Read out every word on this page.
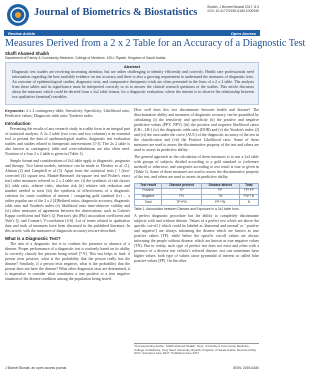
Journal of Biometrics & Biostatistics	Shaikh, J Biomet Biostat 2017, 8:3
DOI: 10.4172/2155-6180.1000349
Review Article	Open Access
Measures Derived from a 2 x 2 Table for an Accuracy of a Diagnostic Test
Shaffi Ahamed Shaikh
Department of Family & Community Medicine, College of Medicine, KSU, Riyadh, Kingdom of Saudi Arabia
Abstract
Diagnostic test studies are receiving increasing attention, but are rather challenging to identify efficiently and correctly. Health care professionals need information regarding the best available evidence on test accuracy and there is also a growing requirement to understand the measures of diagnostic tests. An outcome of epidemiological studies, diagnostic tests, and comparative therapeutic trials are often presented in the form of a 2 x 2 table. The analysis from these tables and its significance must be interpreted correctly so as to answer the clinical research questions of the studies. This article discusses about the measures which could be derived from a 2x2 table format, for a diagnostic evaluation, where the interest is to observe the relationship between two qualitative (nominal) variables.
Keywords: 2 x 2 contingency table; Sensitivity; Specificity; Likelihood ratio; Predictive values; Diagnostic odds ratio; Youden's index
Introduction

Presenting the results of any research study in a table form is an integral part of statistical analysis. A 2x 2 table (two rows and two columns) is an essential tool to present the data of epidemiological studies, diagnostic test evaluation studies and studies related to therapeutic interventions [1-3]. The 2x 2 table is also known as contingency table and cross-tabulations are also often used. Notation of a four 2 x 2 table is given in (Table 1).

Simple format and considerations of 2x2 table apply to diagnostic, prognosis and therapy. Two latent models, inference can be made to Fletcher et al. (1), Altman (2) and Campbell et al (3). Apart from the statistical tests ( ? (two-corrected (4) square test, Mantel-Haenszel chi-square test and Fisher's exact test) other measures referred to 2 x 2 table are: (i) the synthesis of risk factors (ii) odds ratio, relative risks, absolute risk (ii) relative risk reduction and number needed to treat (iii) the synthesis of effectiveness of a diagnostic criterion for some condition of interest / comparing gold standard (iv) ... a rather popular use of the 2 x 2 [4]Refined ratios, diagnostic accuracy, diagnostic odds ratio and Youden's index (v) likelihood ratio inter-observer validity and (vi) other measures of agreement between the observations, such as Cohen's Kappa coefficient and Yule's Q, Pearson's phi (Phi) association coefficient and Yule's Q, and Cramer's V-correlation [4-6]. Lot of terms related to qualitative data and truth of measures have been discussed in the published literature. In this article, with the measures of diagnostic accuracy test are described.

What is a Diagnostic Test?

The aim of a diagnostic test is to confirm the presence or absence of a disease. Proper performance of a diagnostic test is routinely based on its ability to correctly classify the persons being tested [7-9]. This test helps to find: if person tests positive, what is the probability that the person really has the disease? Similarly, if a person tests negative, what is the probability that the person does not have the disease? What other diagnostic tests are determined, it is imperative to consider what constitutes a true positive or a true negative situation of the disease condition among the population being tested.

How well does this test discriminate between health and disease? The discriminative ability and measures of diagnostic accuracy can be quantified by calculating (i) the sensitivity and specificity (ii) the positive and negative predictive values (PPV, NPV) (iii) the positive and negative likelihood ratios (LR+, LR-) (iv) the diagnostic odds ratio (DOR) and (v) the Youden's index (J) and (vi) the area under the curve (AUC) of the diagnostic accuracy of the test in the classification and (vii) the Positive Likelihood ratio. Some of these measures are used to assess the discriminative property of the test and others are used to assess its predictive ability.

The general approach in the calculation of these measures is to use a 2x2 table with groups of subjects divided according to a gold standard or (reference method) or otherwise, and categories according to test result is true or given in (Table 1). Some of these measures are used to assess the discriminative property of the test, and others are used to assess its predictive ability.

Test result	Disease present	Disease absent	Total
Positive	TP	FP	TP+FP
Negative	FN	TN	FN+TN
Total	TP+FN	FP+TN	N
Table 1: Association between Disease and Exposure in a 2x2 table form.

A perfect diagnostic procedure has the ability to completely discriminate subjects with and without disease. Values of a perfect test which are above the specific cut-off ( which could be labeled as 'abnormal and normal' or ' positive and negative') are always informing the disease which are known as true positive values (TP). while below the specific cut-off values are always informing the people without disease, which are known as true negative values (TN). But in reality, such type of perfect test does not exist and often with a presence of a diverse test vehicle's referred disease, test can sometimes have higher values. both type of values cause pyramidal of interest so called false positive values (FP). On the other

*Corresponding author: Shaffi Ahamed Shaikh, Dept. of Family & Community Medicine, College of Medicine, King Saud University, Riyadh, Kingdom of Saudi Arabia. Received May 2017; Accepted June 2017; Published June 2017
J Biomet Biostat, an open access journal	ISSN: 2155-6180
